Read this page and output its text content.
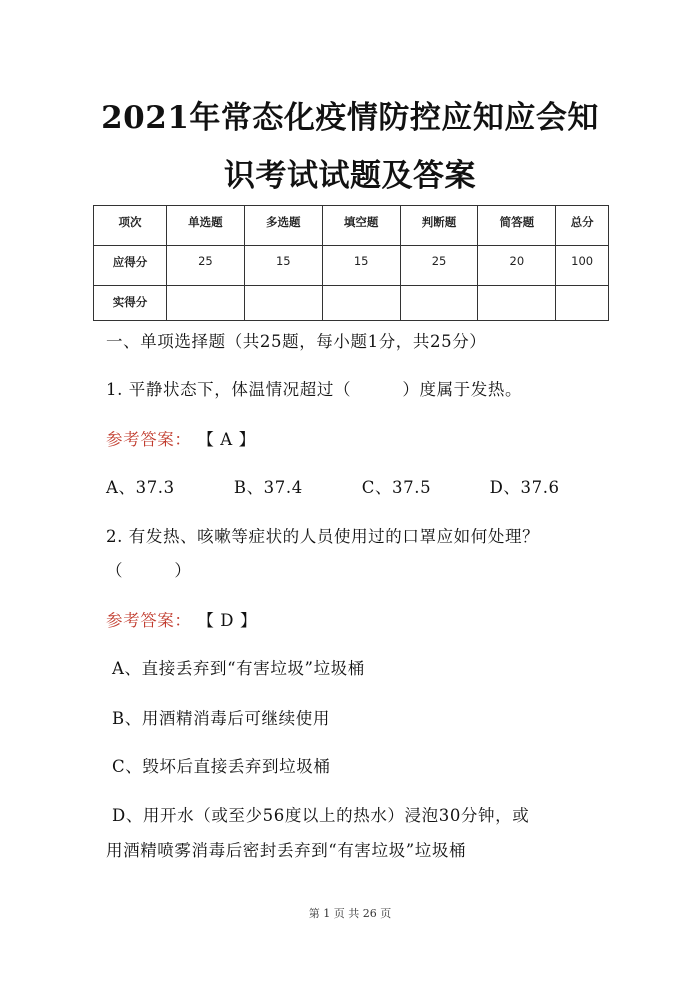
2021年常态化疫情防控应知应会知
识考试试题及答案
项次	单选题	多选题	填空题	判断题	简答题	总分
应得分	25	15	15	25	20	100
实得分						
一、单项选择题（共25题，每小题1分，共25分）
1. 平静状态下，体温情况超过（　　　）度属于发热。
参考答案： 【 A 】
A、37.3	B、37.4	C、37.5	D、37.6
2. 有发热、咳嗽等症状的人员使用过的口罩应如何处理？
（　　　）
参考答案： 【 D 】
A、直接丢弃到“有害垃圾”垃圾桶
B、用酒精消毒后可继续使用
C、毁坏后直接丢弃到垃圾桶
D、用开水（或至少56度以上的热水）浸泡30分钟，或
用酒精喷雾消毒后密封丢弃到“有害垃圾”垃圾桶
第 1 页 共 26 页
